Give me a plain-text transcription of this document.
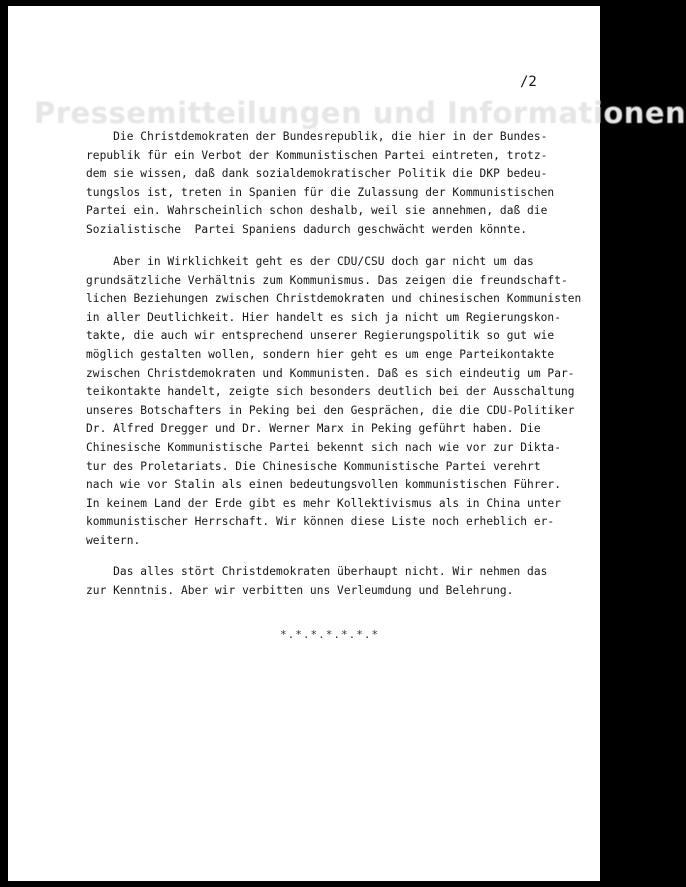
Pressemitteilungen und Informationen
/2

Die Christdemokraten der Bundesrepublik, die hier in der Bundes-
republik für ein Verbot der Kommunistischen Partei eintreten, trotz-
dem sie wissen, daß dank sozialdemokratischer Politik die DKP bedeu-
tungslos ist, treten in Spanien für die Zulassung der Kommunistischen
Partei ein. Wahrscheinlich schon deshalb, weil sie annehmen, daß die
Sozialistische  Partei Spaniens dadurch geschwächt werden könnte.

Aber in Wirklichkeit geht es der CDU/CSU doch gar nicht um das
grundsätzliche Verhältnis zum Kommunismus. Das zeigen die freundschaft-
lichen Beziehungen zwischen Christdemokraten und chinesischen Kommunisten
in aller Deutlichkeit. Hier handelt es sich ja nicht um Regierungskon-
takte, die auch wir entsprechend unserer Regierungspolitik so gut wie
möglich gestalten wollen, sondern hier geht es um enge Parteikontakte
zwischen Christdemokraten und Kommunisten. Daß es sich eindeutig um Par-
teikontakte handelt, zeigte sich besonders deutlich bei der Ausschaltung
unseres Botschafters in Peking bei den Gesprächen, die die CDU-Politiker
Dr. Alfred Dregger und Dr. Werner Marx in Peking geführt haben. Die
Chinesische Kommunistische Partei bekennt sich nach wie vor zur Dikta-
tur des Proletariats. Die Chinesische Kommunistische Partei verehrt
nach wie vor Stalin als einen bedeutungsvollen kommunistischen Führer.
In keinem Land der Erde gibt es mehr Kollektivismus als in China unter
kommunistischer Herrschaft. Wir können diese Liste noch erheblich er-
weitern.

Das alles stört Christdemokraten überhaupt nicht. Wir nehmen das
zur Kenntnis. Aber wir verbitten uns Verleumdung und Belehrung.

*.*.*.*.*.*.*
